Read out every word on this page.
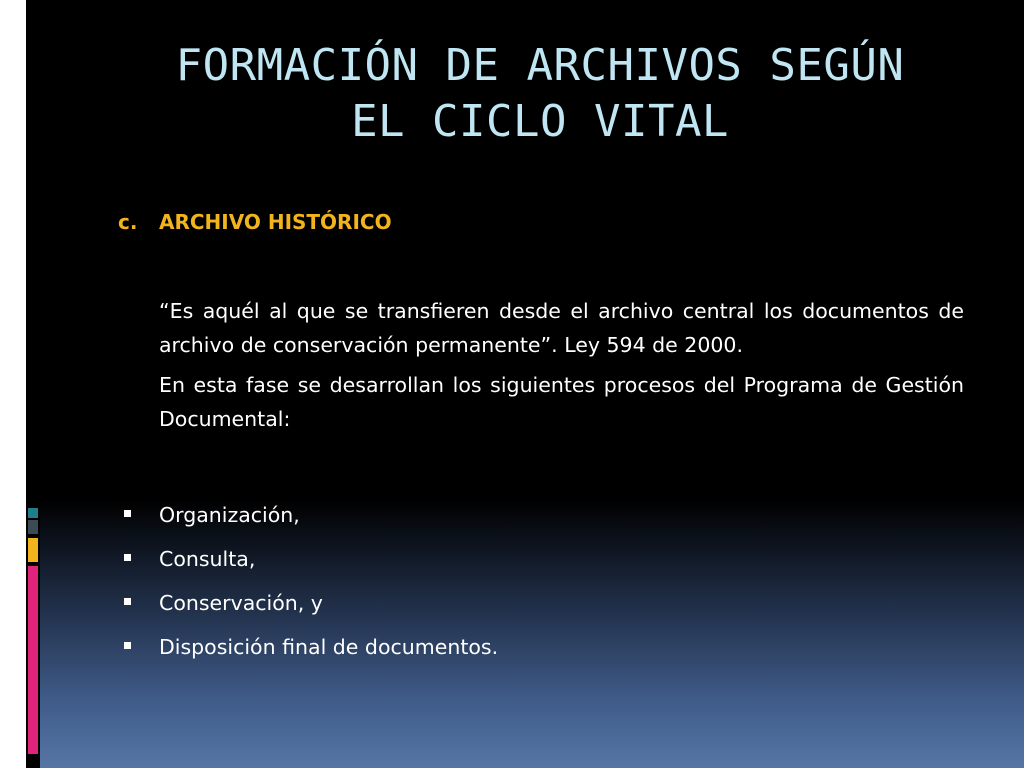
FORMACIÓN DE ARCHIVOS SEGÚN
EL CICLO VITAL
c. ARCHIVO HISTÓRICO

“Es aquél al que se transfieren desde el archivo central los documentos de archivo de conservación permanente”. Ley 594 de 2000.

En esta fase se desarrollan los siguientes procesos del Programa de Gestión Documental:

Organización,
Consulta,
Conservación, y
Disposición final de documentos.
